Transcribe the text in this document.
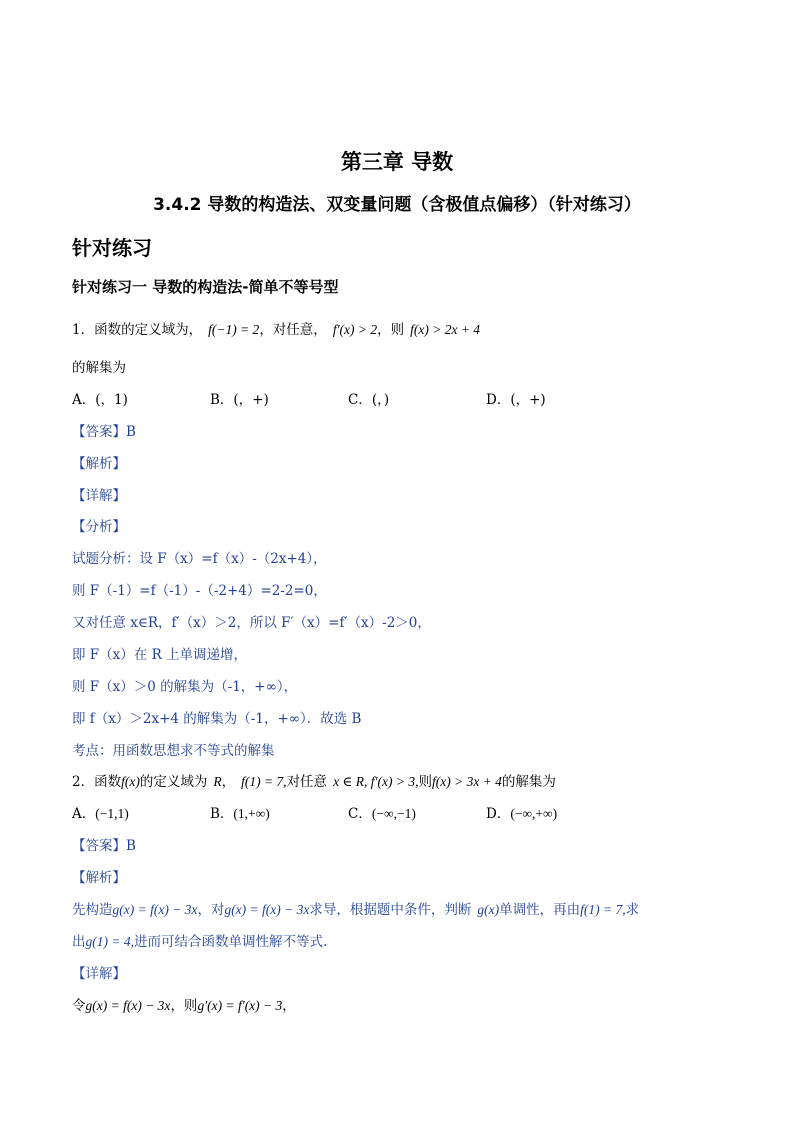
第三章 导数
3.4.2 导数的构造法、双变量问题（含极值点偏移）（针对练习）
针对练习
针对练习一 导数的构造法-简单不等号型
1．函数的定义域为， f(−1) = 2，对任意， f′(x) > 2，则 f(x) > 2x + 4
的解集为
A．(，1)	B．(，+)	C．(，)	D．(，+)
【答案】B
【解析】
【详解】
【分析】
试题分析：设 F（x）=f（x）-（2x+4），
则 F（-1）=f（-1）-（-2+4）=2-2=0，
又对任意 x∈R，f′（x）＞2，所以 F′（x）=f′（x）-2＞0，
即 F（x）在 R 上单调递增，
则 F（x）＞0 的解集为（-1，+∞），
即 f（x）＞2x+4 的解集为（-1，+∞）．故选 B
考点：用函数思想求不等式的解集
2．函数f(x)的定义域为 R， f(1) = 7,对任意 x ∈ R, f′(x) > 3,则f(x) > 3x + 4的解集为
A．(−1,1)	B．(1,+∞)	C．(−∞,−1)	D．(−∞,+∞)
【答案】B
【解析】
先构造g(x) = f(x) − 3x，对g(x) = f(x) − 3x求导，根据题中条件，判断 g(x)单调性，再由f(1) = 7,求
出g(1) = 4,进而可结合函数单调性解不等式.
【详解】
令g(x) = f(x) − 3x，则g′(x) = f′(x) − 3，
